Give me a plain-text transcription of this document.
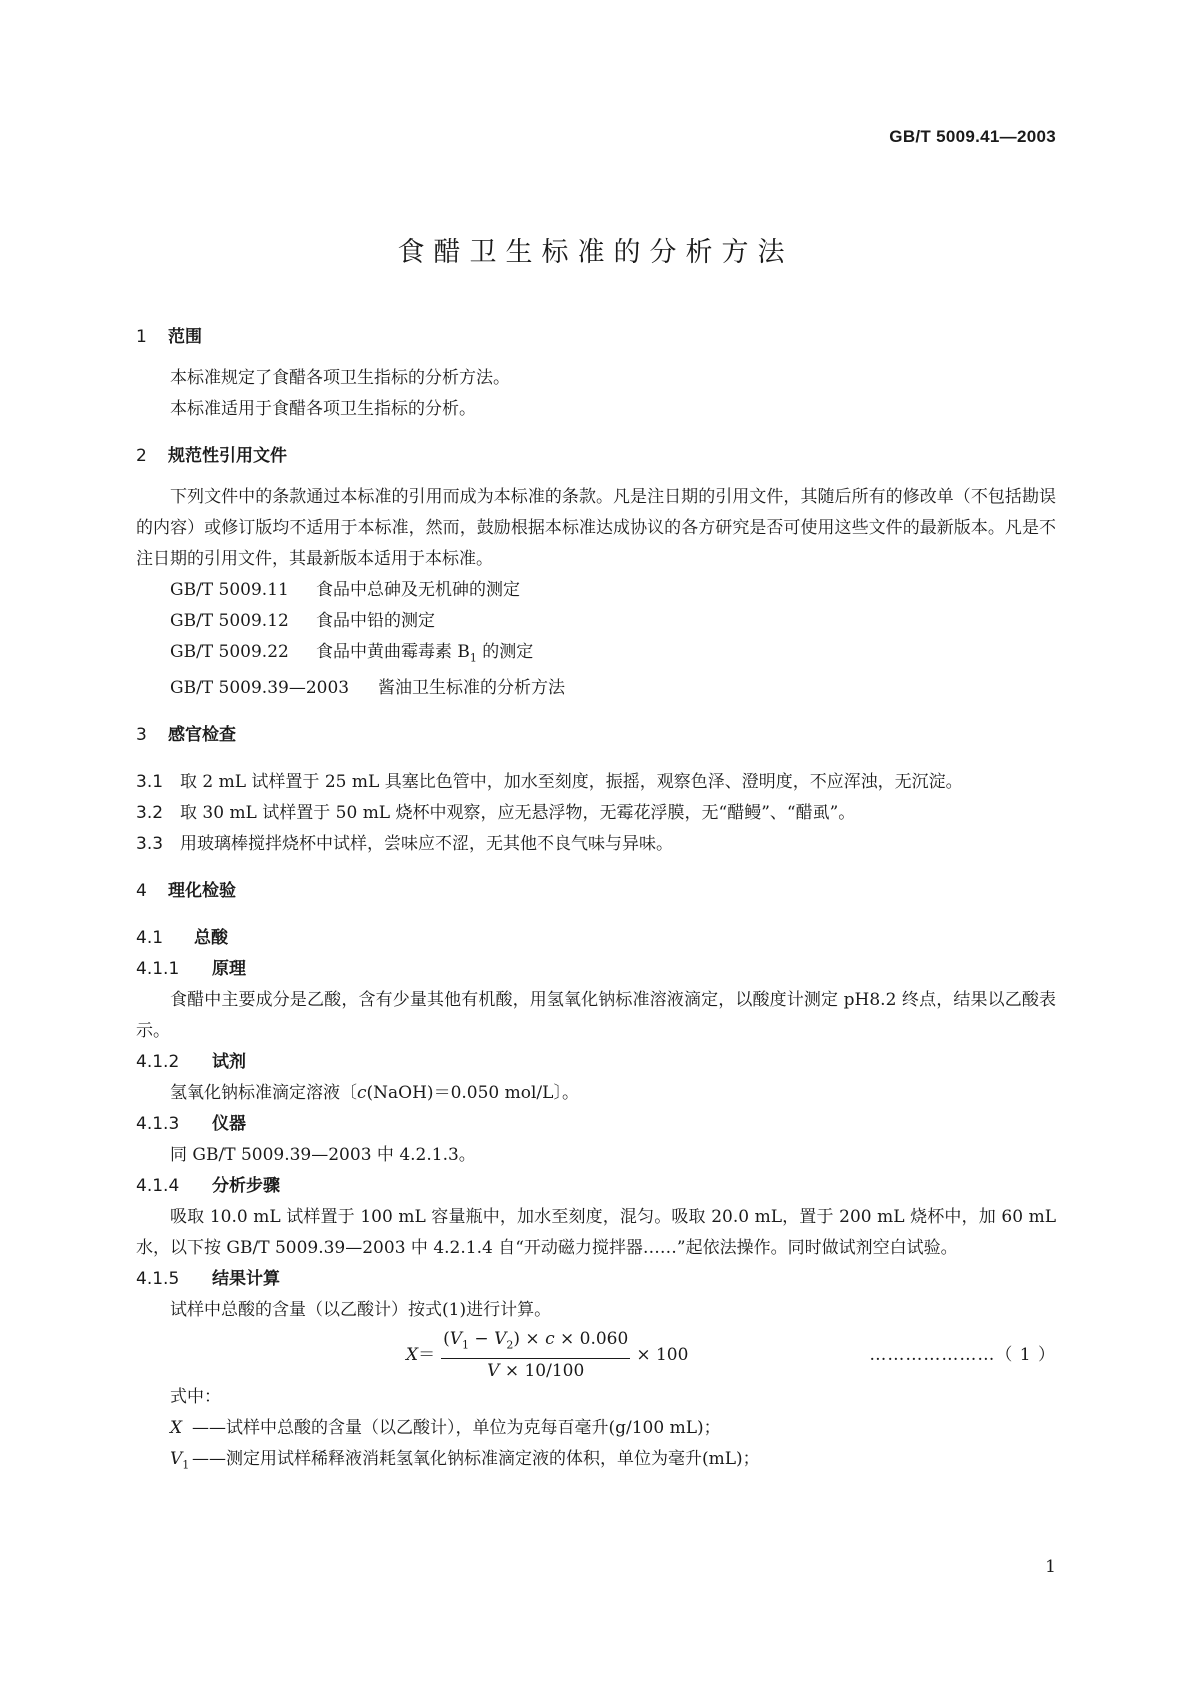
GB/T 5009.41—2003
食醋卫生标准的分析方法

1 范围

本标准规定了食醋各项卫生指标的分析方法。

本标准适用于食醋各项卫生指标的分析。

2 规范性引用文件

下列文件中的条款通过本标准的引用而成为本标准的条款。凡是注日期的引用文件，其随后所有的修改单（不包括勘误的内容）或修订版均不适用于本标准，然而，鼓励根据本标准达成协议的各方研究是否可使用这些文件的最新版本。凡是不注日期的引用文件，其最新版本适用于本标准。

GB/T 5009.11 食品中总砷及无机砷的测定

GB/T 5009.12 食品中铅的测定

GB/T 5009.22 食品中黄曲霉毒素 $B_1$ 的测定

GB/T 5009.39—2003 酱油卫生标准的分析方法

3 感官检查

3.1 取 2 mL 试样置于 25 mL 具塞比色管中，加水至刻度，振摇，观察色泽、澄明度，不应浑浊，无沉淀。

3.2 取 30 mL 试样置于 50 mL 烧杯中观察，应无悬浮物，无霉花浮膜，无“醋鳗”、“醋虱”。

3.3 用玻璃棒搅拌烧杯中试样，尝味应不涩，无其他不良气味与异味。

4 理化检验

4.1 总酸

4.1.1 原理

食醋中主要成分是乙酸，含有少量其他有机酸，用氢氧化钠标准溶液滴定，以酸度计测定 pH8.2 终点，结果以乙酸表示。

4.1.2 试剂

氢氧化钠标准滴定溶液〔c(NaOH)＝0.050 mol/L〕。

4.1.3 仪器

同 GB/T 5009.39—2003 中 4.2.1.3。

4.1.4 分析步骤

吸取 10.0 mL 试样置于 100 mL 容量瓶中，加水至刻度，混匀。吸取 20.0 mL，置于 200 mL 烧杯中，加 60 mL 水，以下按 GB/T 5009.39—2003 中 4.2.1.4 自“开动磁力搅拌器……”起依法操作。同时做试剂空白试验。

4.1.5 结果计算

试样中总酸的含量（以乙酸计）按式(1)进行计算。

$X = \frac{(V_1 - V_2) \times c \times 0.060}{V \times 10/100} \times 100$	…………………（ 1 ）

式中：

X ——试样中总酸的含量（以乙酸计），单位为克每百毫升(g/100 mL)；

$V_1$ ——测定用试样稀释液消耗氢氧化钠标准滴定液的体积，单位为毫升(mL)；

1
